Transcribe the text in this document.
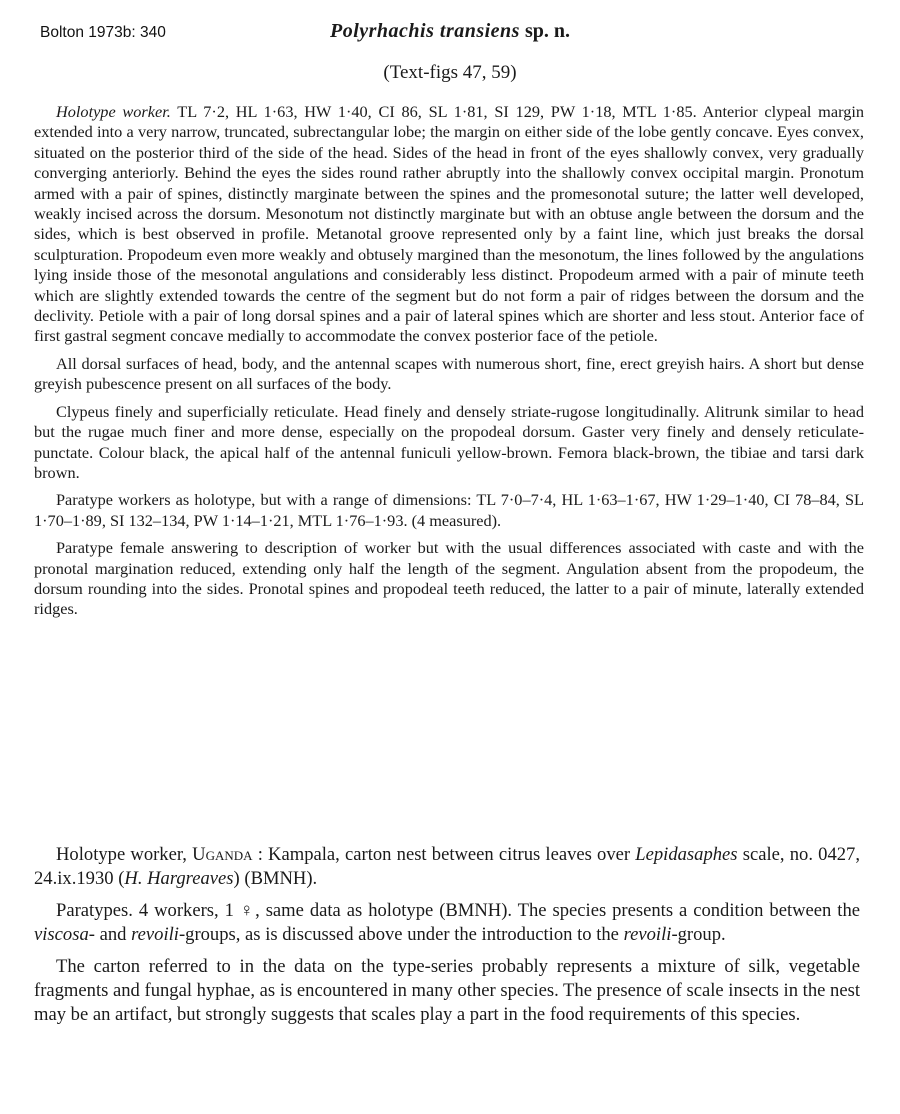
Bolton 1973b: 340	Polyrhachis transiens sp. n.
(Text-figs 47, 59)

Holotype worker. TL 7·2, HL 1·63, HW 1·40, CI 86, SL 1·81, SI 129, PW 1·18, MTL 1·85. Anterior clypeal margin extended into a very narrow, truncated, subrectangular lobe; the margin on either side of the lobe gently concave. Eyes convex, situated on the posterior third of the side of the head. Sides of the head in front of the eyes shallowly convex, very gradually converging anteriorly. Behind the eyes the sides round rather abruptly into the shallowly convex occipital margin. Pronotum armed with a pair of spines, distinctly marginate between the spines and the promesonotal suture; the latter well developed, weakly incised across the dorsum. Mesonotum not distinctly marginate but with an obtuse angle between the dorsum and the sides, which is best observed in profile. Metanotal groove represented only by a faint line, which just breaks the dorsal sculpturation. Propodeum even more weakly and obtusely margined than the mesonotum, the lines followed by the angulations lying inside those of the mesonotal angulations and considerably less distinct. Propodeum armed with a pair of minute teeth which are slightly extended towards the centre of the segment but do not form a pair of ridges between the dorsum and the declivity. Petiole with a pair of long dorsal spines and a pair of lateral spines which are shorter and less stout. Anterior face of first gastral segment concave medially to accommodate the convex posterior face of the petiole.

All dorsal surfaces of head, body, and the antennal scapes with numerous short, fine, erect greyish hairs. A short but dense greyish pubescence present on all surfaces of the body.

Clypeus finely and superficially reticulate. Head finely and densely striate-rugose longitudinally. Alitrunk similar to head but the rugae much finer and more dense, especially on the propodeal dorsum. Gaster very finely and densely reticulate-punctate. Colour black, the apical half of the antennal funiculi yellow-brown. Femora black-brown, the tibiae and tarsi dark brown.

Paratype workers as holotype, but with a range of dimensions: TL 7·0–7·4, HL 1·63–1·67, HW 1·29–1·40, CI 78–84, SL 1·70–1·89, SI 132–134, PW 1·14–1·21, MTL 1·76–1·93. (4 measured).

Paratype female answering to description of worker but with the usual differences associated with caste and with the pronotal margination reduced, extending only half the length of the segment. Angulation absent from the propodeum, the dorsum rounding into the sides. Pronotal spines and propodeal teeth reduced, the latter to a pair of minute, laterally extended ridges.

Holotype worker, Uganda : Kampala, carton nest between citrus leaves over Lepidasaphes scale, no. 0427, 24.ix.1930 (H. Hargreaves) (BMNH).

Paratypes. 4 workers, 1 ♀, same data as holotype (BMNH). The species presents a condition between the viscosa- and revoili-groups, as is discussed above under the introduction to the revoili-group.

The carton referred to in the data on the type-series probably represents a mixture of silk, vegetable fragments and fungal hyphae, as is encountered in many other species. The presence of scale insects in the nest may be an artifact, but strongly suggests that scales play a part in the food requirements of this species.
